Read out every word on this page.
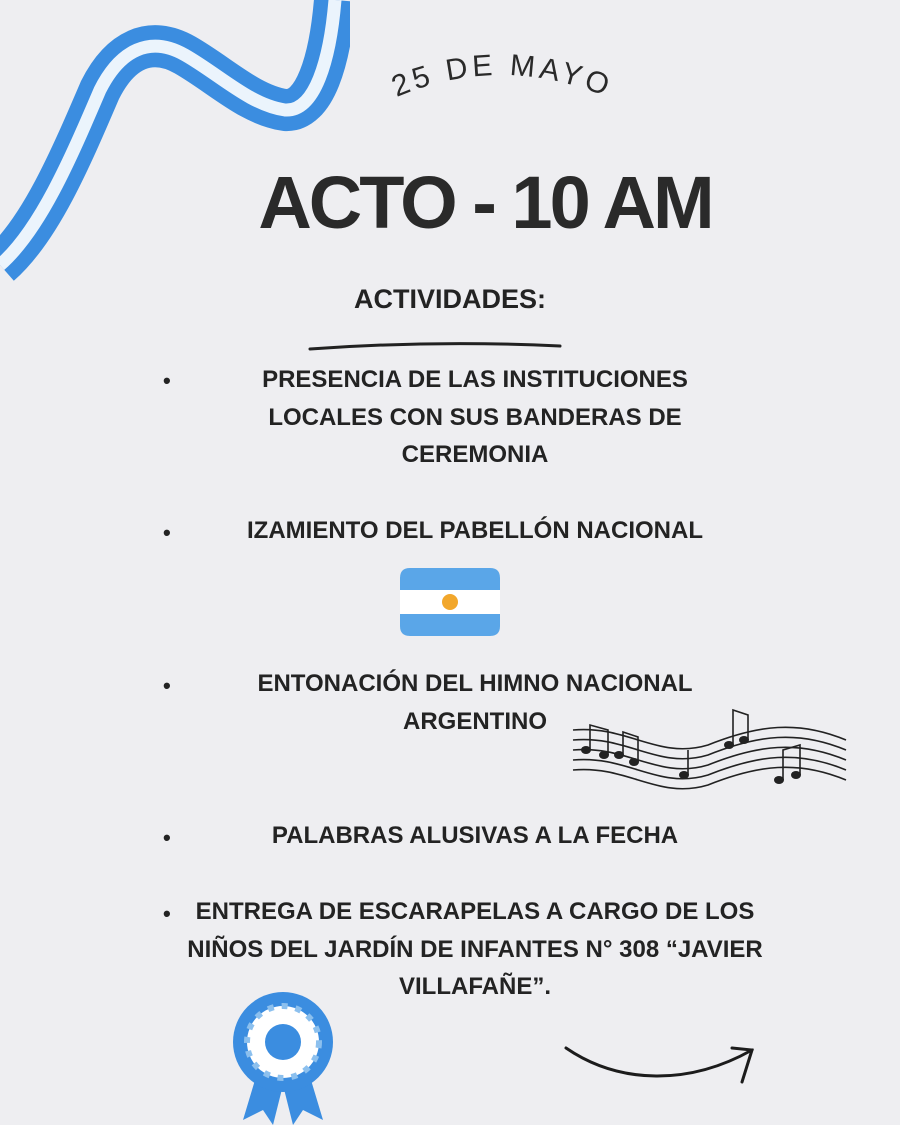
25 DE MAYO
ACTO - 10 AM
ACTIVIDADES:
•	PRESENCIA DE LAS INSTITUCIONES LOCALES CON SUS BANDERAS DE CEREMONIA
•	IZAMIENTO DEL PABELLÓN NACIONAL
•	ENTONACIÓN DEL HIMNO NACIONAL ARGENTINO
•	PALABRAS ALUSIVAS A LA FECHA
•	ENTREGA DE ESCARAPELAS A CARGO DE LOS NIÑOS DEL JARDÍN DE INFANTES N° 308 “JAVIER VILLAFAÑE”.
